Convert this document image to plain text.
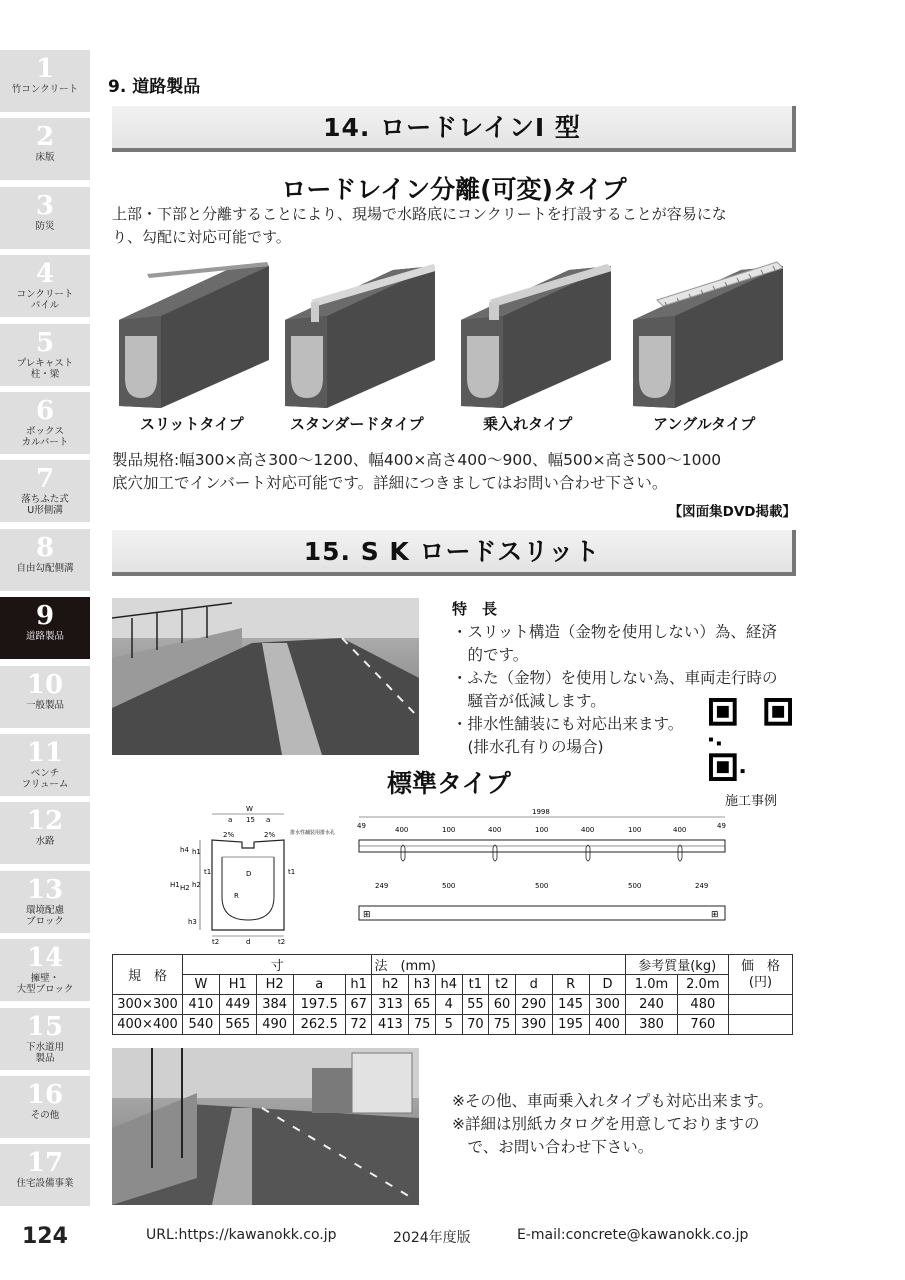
1
竹コンクリート
2
床版
3
防災
4
コンクリート
パイル
5
プレキャスト
柱・梁
6
ボックス
カルバート
7
落ちふた式
U形側溝
8
自由勾配側溝
9
道路製品
10
一般製品
11
ベンチ
フリューム
12
水路
13
環境配慮
ブロック
14
擁壁・
大型ブロック
15
下水道用
製品
16
その他
17
住宅設備事業
9. 道路製品
14. ロードレインⅠ 型
ロードレイン分離(可変)タイプ
上部・下部と分離することにより、現場で水路底にコンクリートを打設することが容易にな
り、勾配に対応可能です。
スリットタイプ	スタンダードタイプ	乗入れタイプ	アングルタイプ
製品規格:幅300×高さ300〜1200、幅400×高さ400〜900、幅500×高さ500〜1000
底穴加工でインバート対応可能です。詳細につきましてはお問い合わせ下さい。
【図面集DVD掲載】
15. S K ロードスリット
特　長
・スリット構造（金物を使用しない）為、経済
　的です。
・ふた（金物）を使用しない為、車両走行時の
　騒音が低減します。
・排水性舗装にも対応出来ます。
　(排水孔有りの場合)
施工事例
標準タイプ
W
a 15 a
2%	2%	排水性舗装用排水孔
D
R
H1
h4
H2
h1
h2
h3
t1	t1
t2	d	t2
1998
49	400	100	400	100	400	100	400	49
249	500	500	500	249
⊞	⊞
規　格	寸					法　(mm)								参考質量(kg)		価　格
(円)
	W	H1	H2	a	h1	h2	h3	h4	t1	t2	d	R	D	1.0m	2.0m	
300×300	410	449	384	197.5	67	313	65	4	55	60	290	145	300	240	480	
400×400	540	565	490	262.5	72	413	75	5	70	75	390	195	400	380	760	
※その他、車両乗入れタイプも対応出来ます。
※詳細は別紙カタログを用意しておりますの
　で、お問い合わせ下さい。
124	URL:https://kawanokk.co.jp	2024年度版	E-mail:concrete@kawanokk.co.jp
